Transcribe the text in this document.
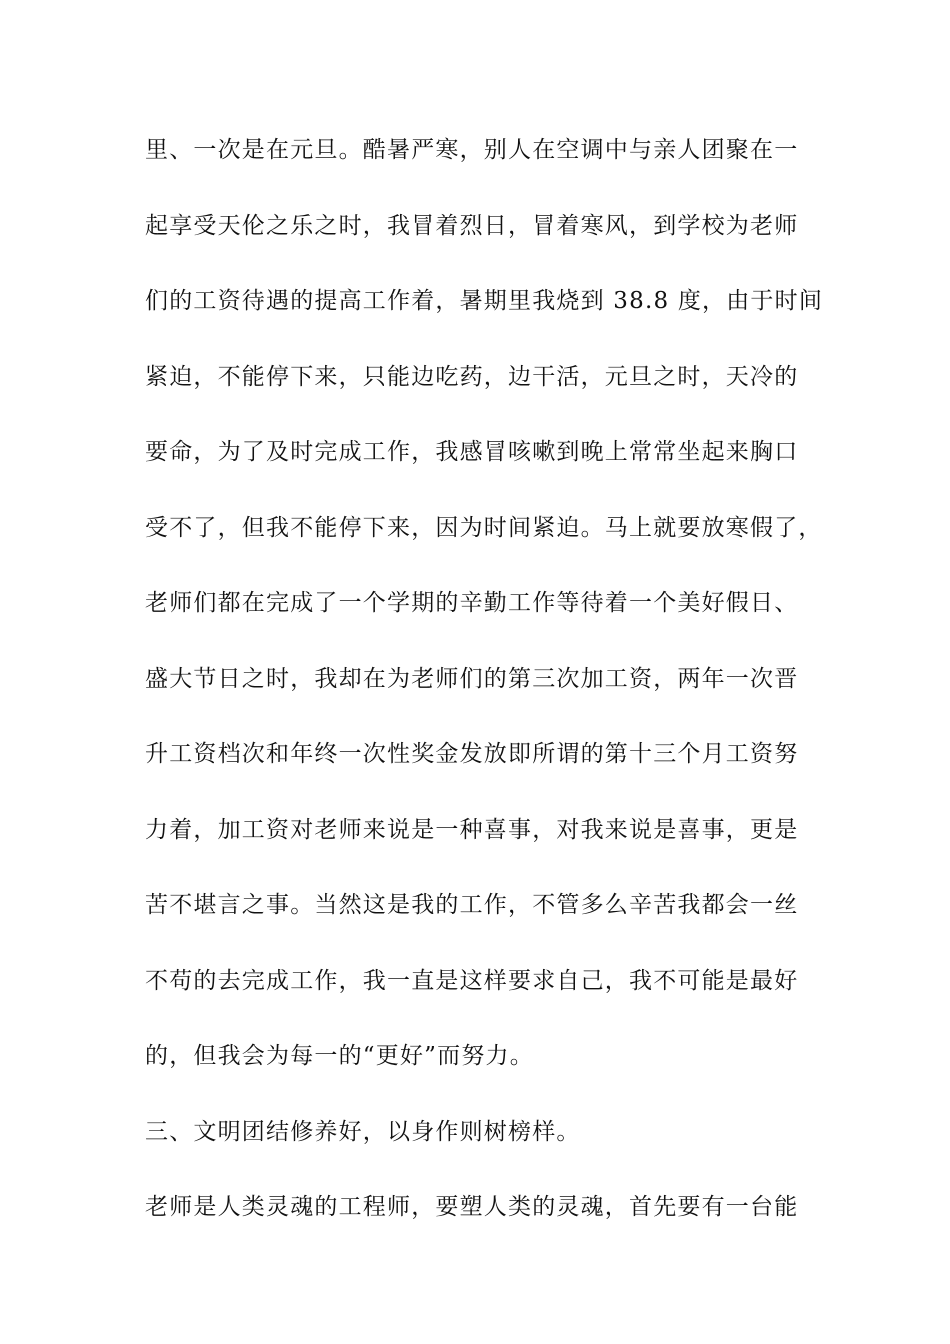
里、一次是在元旦。酷暑严寒，别人在空调中与亲人团聚在一
起享受天伦之乐之时，我冒着烈日，冒着寒风，到学校为老师
们的工资待遇的提高工作着，暑期里我烧到 38.8 度，由于时间
紧迫，不能停下来，只能边吃药，边干活，元旦之时，天冷的
要命，为了及时完成工作，我感冒咳嗽到晚上常常坐起来胸口
受不了，但我不能停下来，因为时间紧迫。马上就要放寒假了，
老师们都在完成了一个学期的辛勤工作等待着一个美好假日、
盛大节日之时，我却在为老师们的第三次加工资，两年一次晋
升工资档次和年终一次性奖金发放即所谓的第十三个月工资努
力着，加工资对老师来说是一种喜事，对我来说是喜事，更是
苦不堪言之事。当然这是我的工作，不管多么辛苦我都会一丝
不苟的去完成工作，我一直是这样要求自己，我不可能是最好
的，但我会为每一的“更好”而努力。
三、文明团结修养好，以身作则树榜样。
老师是人类灵魂的工程师，要塑人类的灵魂，首先要有一台能
